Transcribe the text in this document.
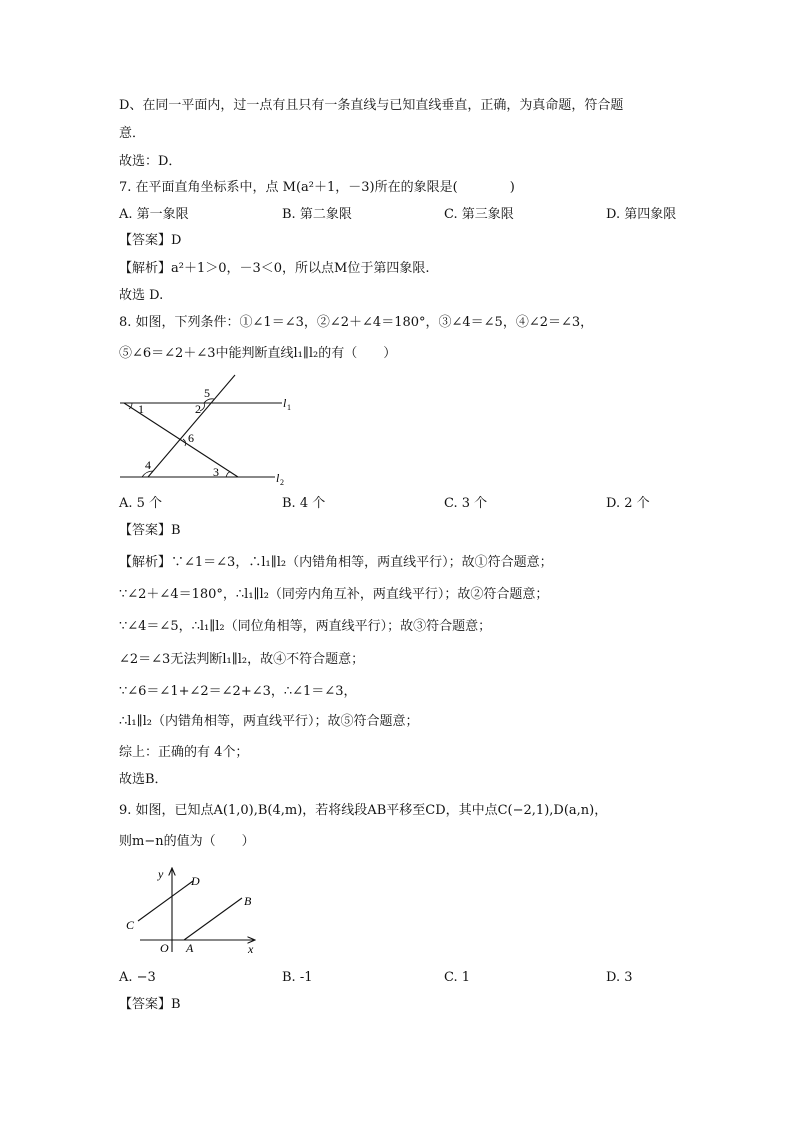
D、在同一平面内，过一点有且只有一条直线与已知直线垂直，正确，为真命题，符合题
意．
故选：D．
7. 在平面直角坐标系中，点 M(a²＋1，－3)所在的象限是(　　　　)
A. 第一象限	B. 第二象限	C. 第三象限	D. 第四象限
【答案】D
【解析】a²＋1＞0，－3＜0，所以点M位于第四象限.
故选 D.
8. 如图，下列条件：①∠1＝∠3，②∠2＋∠4＝180°，③∠4＝∠5，④∠2＝∠3，
⑤∠6＝∠2＋∠3中能判断直线l₁∥l₂的有（　　）
1	2
5
6
4	3
l 1
l 2
A. 5 个	B. 4 个	C. 3 个	D. 2 个
【答案】B
【解析】∵∠1＝∠3，∴l₁∥l₂（内错角相等，两直线平行）；故①符合题意；
∵∠2＋∠4＝180°，∴l₁∥l₂（同旁内角互补，两直线平行）；故②符合题意；
∵∠4＝∠5，∴l₁∥l₂（同位角相等，两直线平行）；故③符合题意；
∠2＝∠3无法判断l₁∥l₂，故④不符合题意；
∵∠6＝∠1+∠2＝∠2+∠3，∴∠1＝∠3，
∴l₁∥l₂（内错角相等，两直线平行）；故⑤符合题意；
综上：正确的有 4个；
故选B．
9. 如图，已知点A(1,0),B(4,m)，若将线段AB平移至CD，其中点C(−2,1),D(a,n)，
则m−n的值为（　　）
y
x
O A
B
C
D
A. −3	B. -1	C. 1	D. 3
【答案】B
